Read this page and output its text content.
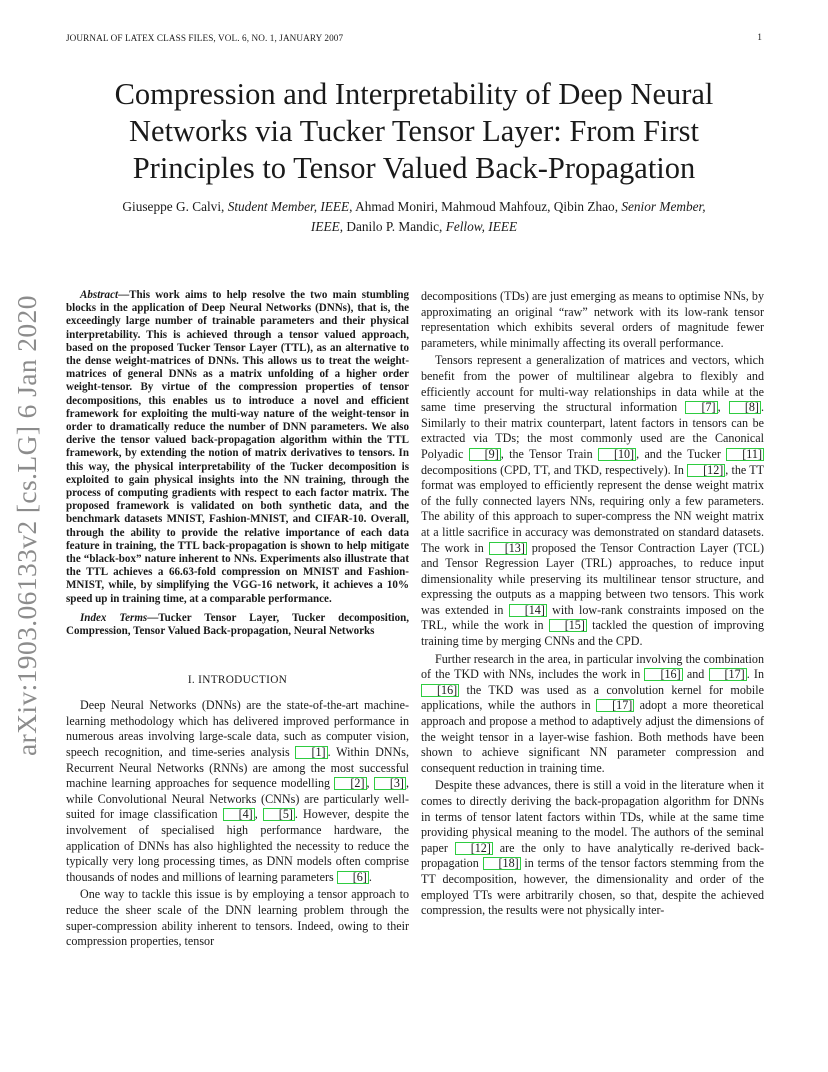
JOURNAL OF LATEX CLASS FILES, VOL. 6, NO. 1, JANUARY 2007	1
Compression and Interpretability of Deep Neural
Networks via Tucker Tensor Layer: From First
Principles to Tensor Valued Back-Propagation
Giuseppe G. Calvi, Student Member, IEEE, Ahmad Moniri, Mahmoud Mahfouz, Qibin Zhao, Senior Member,
IEEE, Danilo P. Mandic, Fellow, IEEE
arXiv:1903.06133v2 [cs.LG] 6 Jan 2020

Abstract—This work aims to help resolve the two main stumbling blocks in the application of Deep Neural Networks (DNNs), that is, the exceedingly large number of trainable parameters and their physical interpretability. This is achieved through a tensor valued approach, based on the proposed Tucker Tensor Layer (TTL), as an alternative to the dense weight-matrices of DNNs. This allows us to treat the weight-matrices of general DNNs as a matrix unfolding of a higher order weight-tensor. By virtue of the compression properties of tensor decompositions, this enables us to introduce a novel and efficient framework for exploiting the multi-way nature of the weight-tensor in order to dramatically reduce the number of DNN parameters. We also derive the tensor valued back-propagation algorithm within the TTL framework, by extending the notion of matrix derivatives to tensors. In this way, the physical interpretability of the Tucker decomposition is exploited to gain physical insights into the NN training, through the process of computing gradients with respect to each factor matrix. The proposed framework is validated on both synthetic data, and the benchmark datasets MNIST, Fashion-MNIST, and CIFAR-10. Overall, through the ability to provide the relative importance of each data feature in training, the TTL back-propagation is shown to help mitigate the “black-box” nature inherent to NNs. Experiments also illustrate that the TTL achieves a 66.63-fold compression on MNIST and Fashion-MNIST, while, by simplifying the VGG-16 network, it achieves a 10% speed up in training time, at a comparable performance.

Index Terms—Tucker Tensor Layer, Tucker decomposition, Compression, Tensor Valued Back-propagation, Neural Networks

I. INTRODUCTION

Deep Neural Networks (DNNs) are the state-of-the-art machine-learning methodology which has delivered improved performance in numerous areas involving large-scale data, such as computer vision, speech recognition, and time-series analysis [1] . Within DNNs, Recurrent Neural Networks (RNNs) are among the most successful machine learning approaches for sequence modelling [2] , [3] , while Convolutional Neural Networks (CNNs) are particularly well-suited for image classification [4] , [5] . However, despite the involvement of specialised high performance hardware, the application of DNNs has also highlighted the necessity to reduce the typically very long processing times, as DNN models often comprise thousands of nodes and millions of learning parameters [6] .

One way to tackle this issue is by employing a tensor approach to reduce the sheer scale of the DNN learning problem through the super-compression ability inherent to tensors. Indeed, owing to their compression properties, tensor

decompositions (TDs) are just emerging as means to optimise NNs, by approximating an original “raw” network with its low-rank tensor representation which exhibits several orders of magnitude fewer parameters, while minimally affecting its overall performance.

Tensors represent a generalization of matrices and vectors, which benefit from the power of multilinear algebra to flexibly and efficiently account for multi-way relationships in data while at the same time preserving the structural information [7] , [8] . Similarly to their matrix counterpart, latent factors in tensors can be extracted via TDs; the most commonly used are the Canonical Polyadic [9] , the Tensor Train [10] , and the Tucker [11] decompositions (CPD, TT, and TKD, respectively). In [12] , the TT format was employed to efficiently represent the dense weight matrix of the fully connected layers NNs, requiring only a few parameters. The ability of this approach to super-compress the NN weight matrix at a little sacrifice in accuracy was demonstrated on standard datasets. The work in [13] proposed the Tensor Contraction Layer (TCL) and Tensor Regression Layer (TRL) approaches, to reduce input dimensionality while preserving its multilinear tensor structure, and expressing the outputs as a mapping between two tensors. This work was extended in [14] with low-rank constraints imposed on the TRL, while the work in [15] tackled the question of improving training time by merging CNNs and the CPD.

Further research in the area, in particular involving the combination of the TKD with NNs, includes the work in [16] and [17] . In [16] the TKD was used as a convolution kernel for mobile applications, while the authors in [17] adopt a more theoretical approach and propose a method to adaptively adjust the dimensions of the weight tensor in a layer-wise fashion. Both methods have been shown to achieve significant NN parameter compression and consequent reduction in training time.

Despite these advances, there is still a void in the literature when it comes to directly deriving the back-propagation algorithm for DNNs in terms of tensor latent factors within TDs, while at the same time providing physical meaning to the model. The authors of the seminal paper [12] are the only to have analytically re-derived back-propagation [18] in terms of the tensor factors stemming from the TT decomposition, however, the dimensionality and order of the employed TTs were arbitrarily chosen, so that, despite the achieved compression, the results were not physically inter-
